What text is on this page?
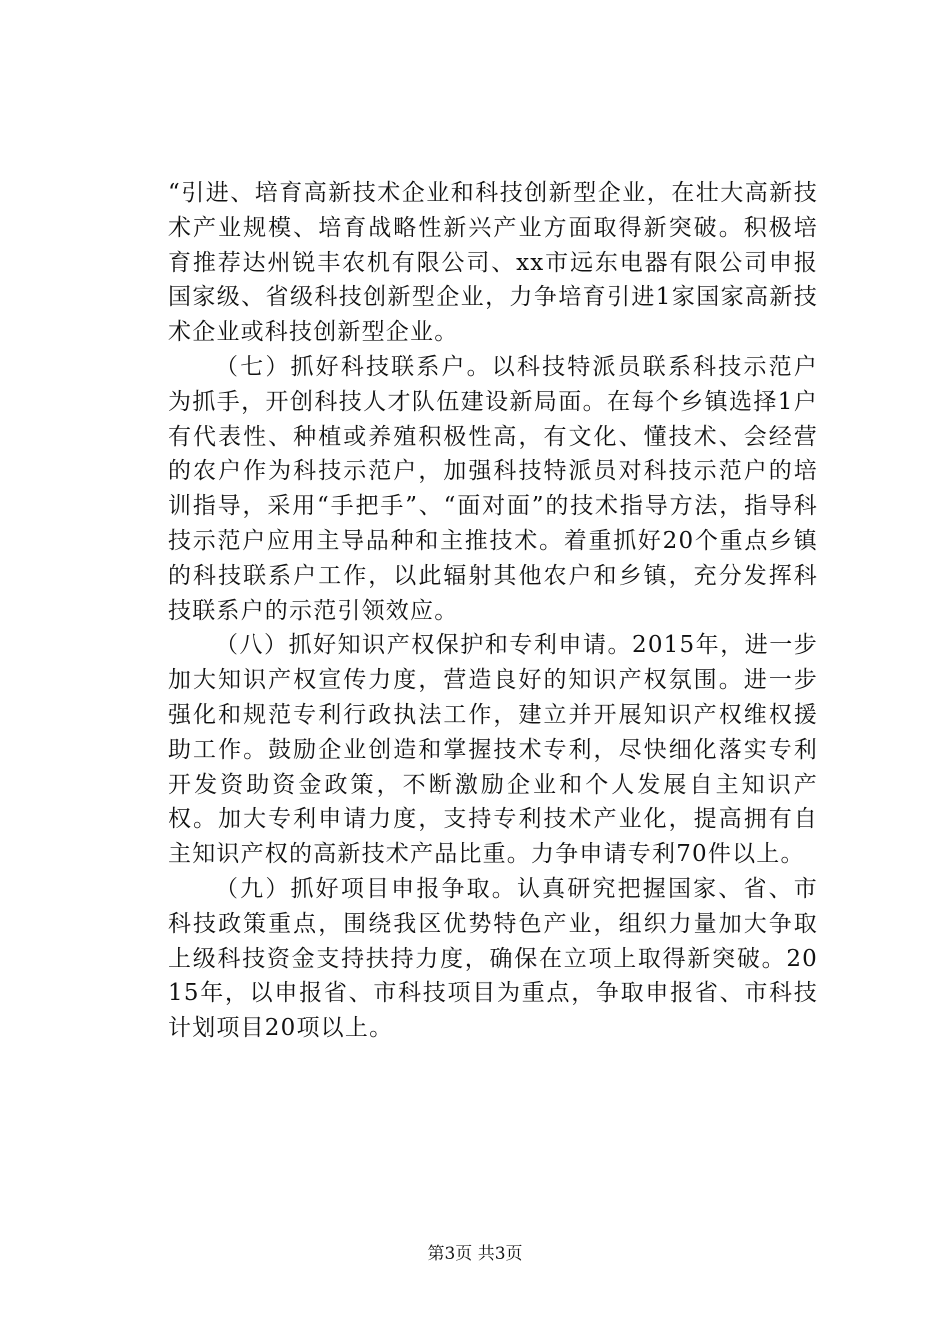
“引进、培育高新技术企业和科技创新型企业，在壮大高新技术产业规模、培育战略性新兴产业方面取得新突破。积极培育推荐达州锐丰农机有限公司、xx市远东电器有限公司申报国家级、省级科技创新型企业，力争培育引进1家国家高新技术企业或科技创新型企业。

（七）抓好科技联系户。以科技特派员联系科技示范户为抓手，开创科技人才队伍建设新局面。在每个乡镇选择1户有代表性、种植或养殖积极性高，有文化、懂技术、会经营的农户作为科技示范户，加强科技特派员对科技示范户的培训指导，采用“手把手”、“面对面”的技术指导方法，指导科技示范户应用主导品种和主推技术。着重抓好20个重点乡镇的科技联系户工作，以此辐射其他农户和乡镇，充分发挥科技联系户的示范引领效应。

（八）抓好知识产权保护和专利申请。2015年，进一步加大知识产权宣传力度，营造良好的知识产权氛围。进一步强化和规范专利行政执法工作，建立并开展知识产权维权援助工作。鼓励企业创造和掌握技术专利，尽快细化落实专利开发资助资金政策，不断激励企业和个人发展自主知识产权。加大专利申请力度，支持专利技术产业化，提高拥有自主知识产权的高新技术产品比重。力争申请专利70件以上。

（九）抓好项目申报争取。认真研究把握国家、省、市科技政策重点，围绕我区优势特色产业，组织力量加大争取上级科技资金支持扶持力度，确保在立项上取得新突破。2015年，以申报省、市科技项目为重点，争取申报省、市科技计划项目20项以上。

第3页 共3页
